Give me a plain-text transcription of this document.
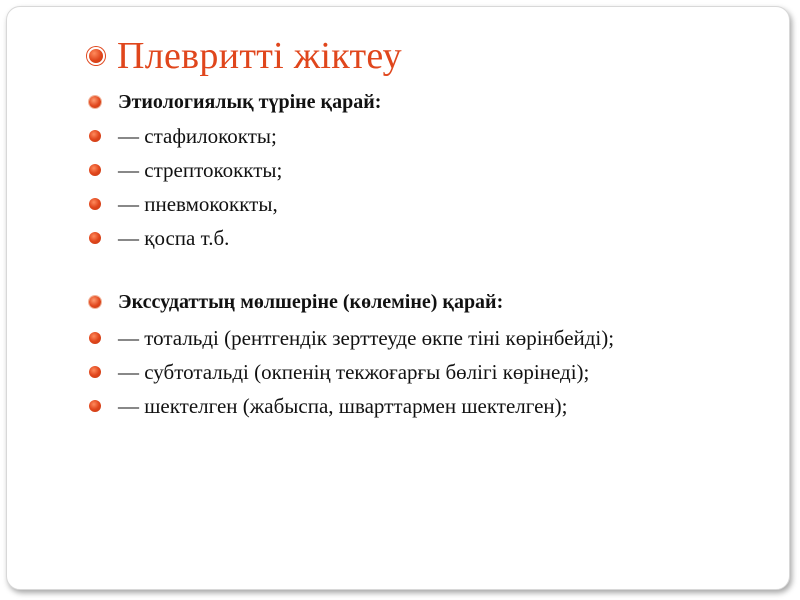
Плевритті жіктеу
Этиологиялық түріне қарай:
— стафилококты;
— стрептококкты;
— пневмококкты,
— қоспа т.б.
Экссудаттың мөлшеріне (көлеміне) қарай:
— тотальді (рентгендік зерттеуде өкпе тіні көрінбейді);
— субтотальді (окпенің текжоғарғы бөлігі көрінеді);
— шектелген (жабыспа, шварттармен шектелген);
